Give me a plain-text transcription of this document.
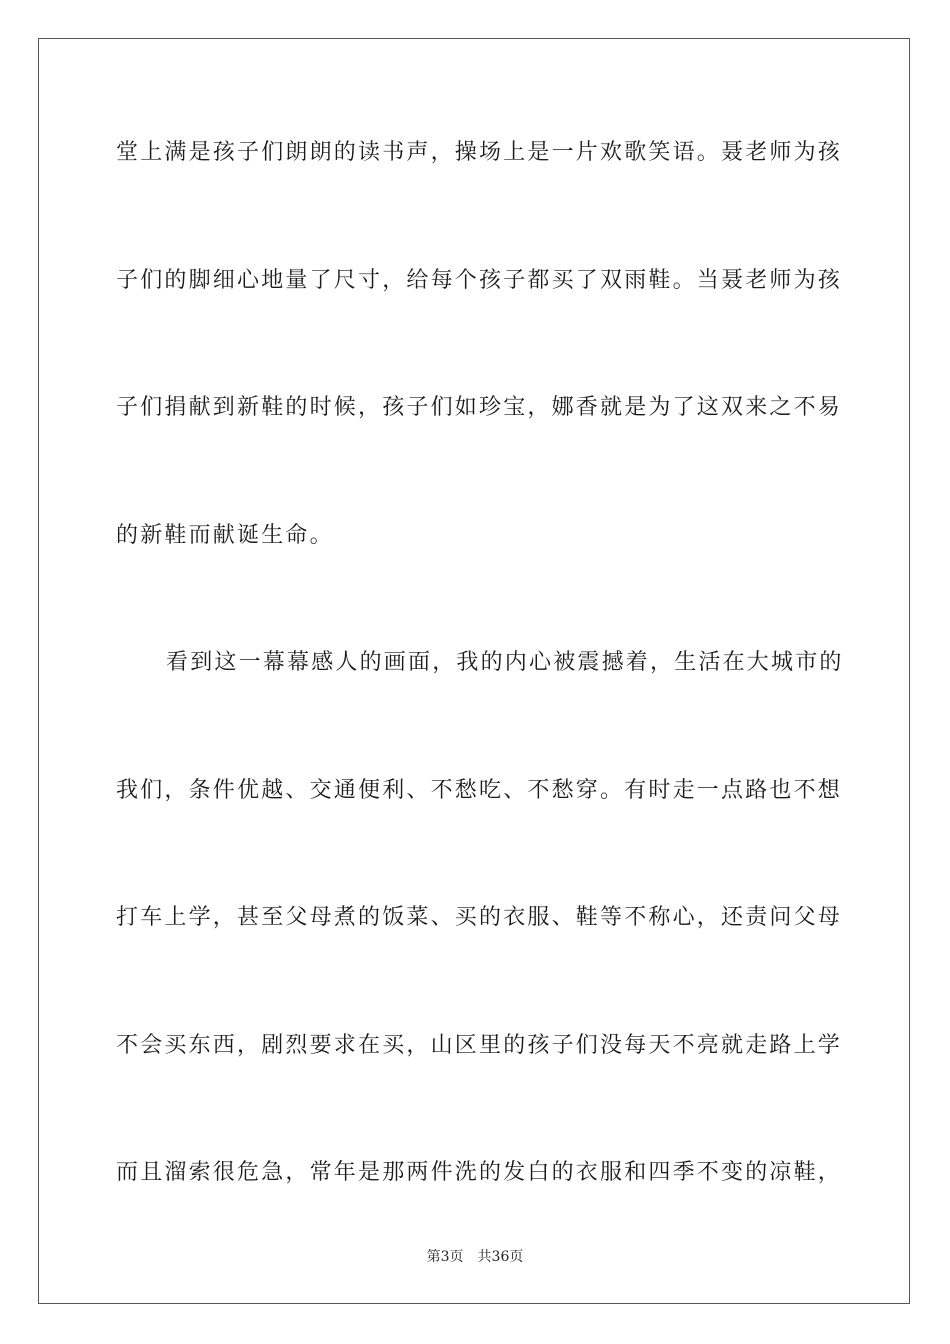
堂上满是孩子们朗朗的读书声，操场上是一片欢歌笑语。聂老师为孩
子们的脚细心地量了尺寸，给每个孩子都买了双雨鞋。当聂老师为孩
子们捐献到新鞋的时候，孩子们如珍宝，娜香就是为了这双来之不易
的新鞋而献诞生命。
看到这一幕幕感人的画面，我的内心被震撼着，生活在大城市的
我们，条件优越、交通便利、不愁吃、不愁穿。有时走一点路也不想
打车上学，甚至父母煮的饭菜、买的衣服、鞋等不称心，还责问父母
不会买东西，剧烈要求在买，山区里的孩子们没每天不亮就走路上学
而且溜索很危急，常年是那两件洗的发白的衣服和四季不变的凉鞋，
第3页 共36页
